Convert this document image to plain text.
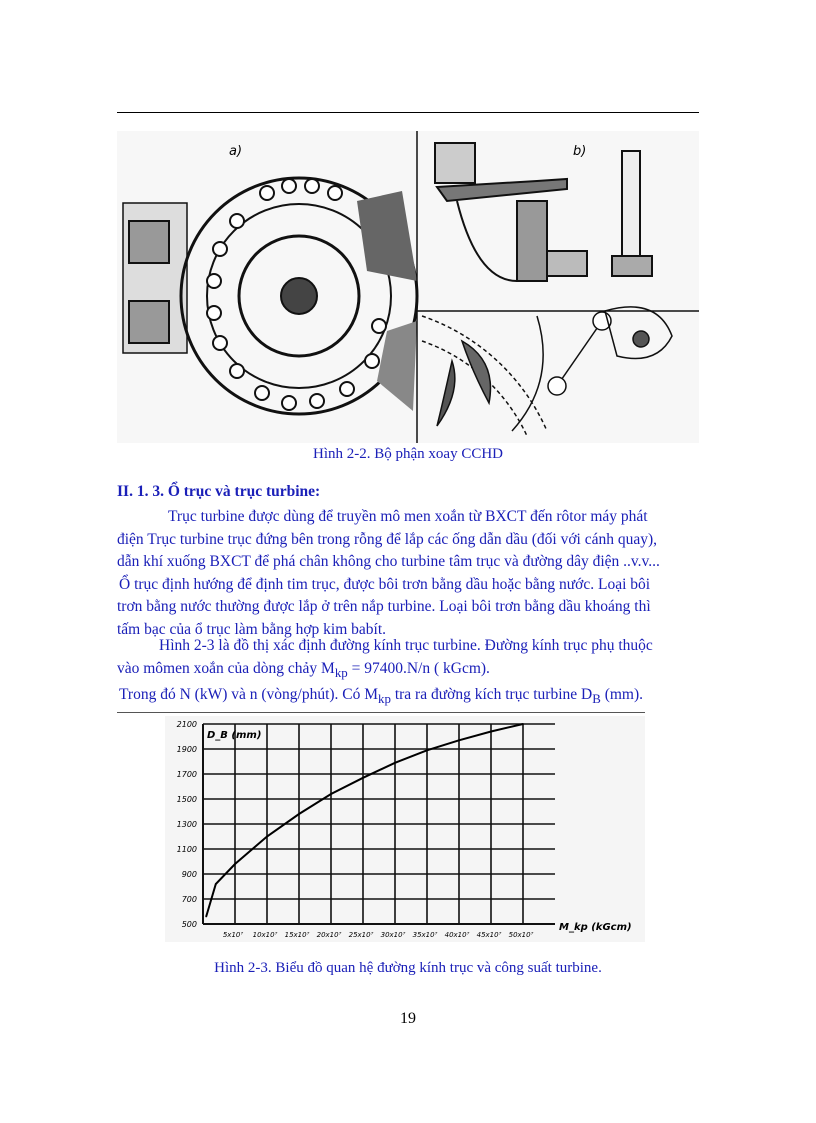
a)	b)
Hình 2-2. Bộ phận xoay CCHD
II. 1. 3. Ổ trục và trục turbine:
Trục turbine được dùng để truyền mô men xoắn từ BXCT đến rôtor máy phát
điện Trục turbine trục đứng bên trong rỗng để lắp các ống dẫn dầu (đối với cánh quay),
dẫn khí xuống BXCT để phá chân không cho turbine tâm trục và đường dây điện ..v.v...
Ổ trục định hướng để định tim trục, được bôi trơn bằng dầu hoặc bằng nước. Loại bôi
trơn bằng nước thường được lắp ở trên nắp turbine. Loại bôi trơn bằng dầu khoáng thì
tấm bạc của ổ trục làm bằng hợp kim babít.
Hình 2-3 là đồ thị xác định đường kính trục turbine. Đường kính trục phụ thuộc
vào mômen xoắn của dòng chảy $M_{kp} = 97400.N/n$ ( kGcm).
Trong đó N (kW) và n (vòng/phút). Có $M_{kp}$ tra ra đường kích trục turbine $D_B$ (mm).
500
700
900
1100
1300
1500
1700
1900
2100
5x10⁷ 10x10⁷ 15x10⁷ 20x10⁷ 25x10⁷ 30x10⁷ 35x10⁷ 40x10⁷ 45x10⁷ 50x10⁷
D_B (mm)
M_kp (kGcm)
Hình 2-3. Biểu đồ quan hệ đường kính trục và công suất turbine.
19
